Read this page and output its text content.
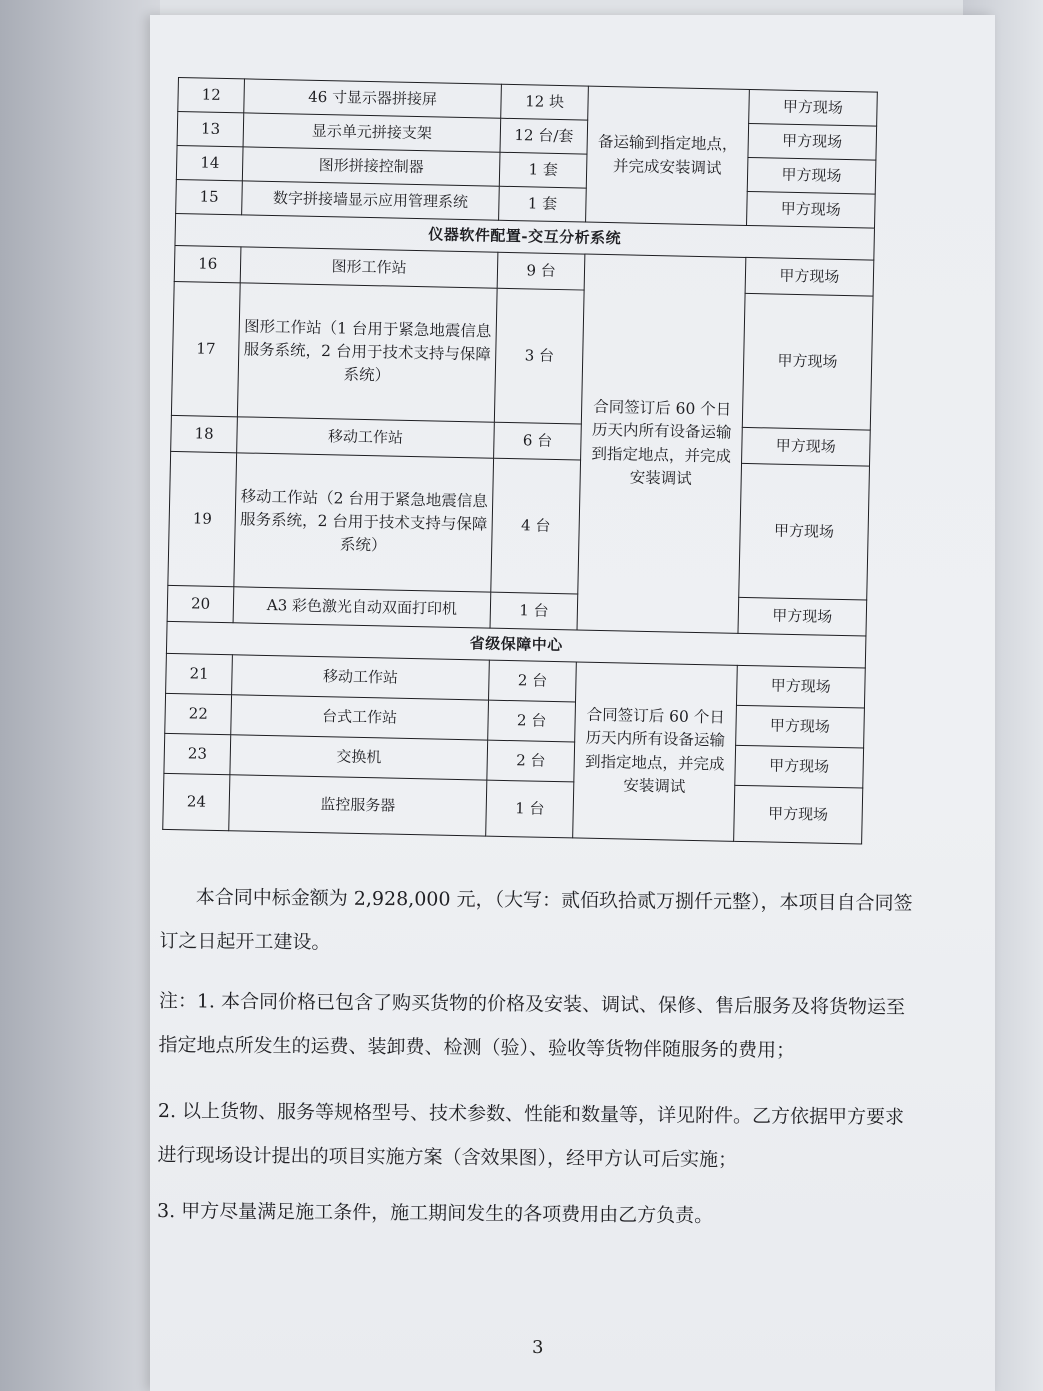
12	46 寸显示器拼接屏	12 块	备运输到指定地点，并完成安装调试	甲方现场
13	显示单元拼接支架	12 台/套		甲方现场
14	图形拼接控制器	1 套		甲方现场
15	数字拼接墙显示应用管理系统	1 套		甲方现场
仪器软件配置-交互分析系统				
16	图形工作站	9 台	合同签订后 60 个日历天内所有设备运输到指定地点，并完成安装调试	甲方现场
17	图形工作站（1 台用于紧急地震信息服务系统，2 台用于技术支持与保障系统）	3 台		甲方现场
18	移动工作站	6 台		甲方现场
19	移动工作站（2 台用于紧急地震信息服务系统，2 台用于技术支持与保障系统）	4 台		甲方现场
20	A3 彩色激光自动双面打印机	1 台		甲方现场
省级保障中心				
21	移动工作站	2 台	合同签订后 60 个日历天内所有设备运输到指定地点，并完成安装调试	甲方现场
22	台式工作站	2 台		甲方现场
23	交换机	2 台		甲方现场
24	监控服务器	1 台		甲方现场

本合同中标金额为 2,928,000 元，（大写：贰佰玖拾贰万捌仟元整），本项目自合同签订之日起开工建设。

注：1. 本合同价格已包含了购买货物的价格及安装、调试、保修、售后服务及将货物运至指定地点所发生的运费、装卸费、检测（验）、验收等货物伴随服务的费用；

2. 以上货物、服务等规格型号、技术参数、性能和数量等，详见附件。乙方依据甲方要求进行现场设计提出的项目实施方案（含效果图），经甲方认可后实施；

3. 甲方尽量满足施工条件，施工期间发生的各项费用由乙方负责。

3
